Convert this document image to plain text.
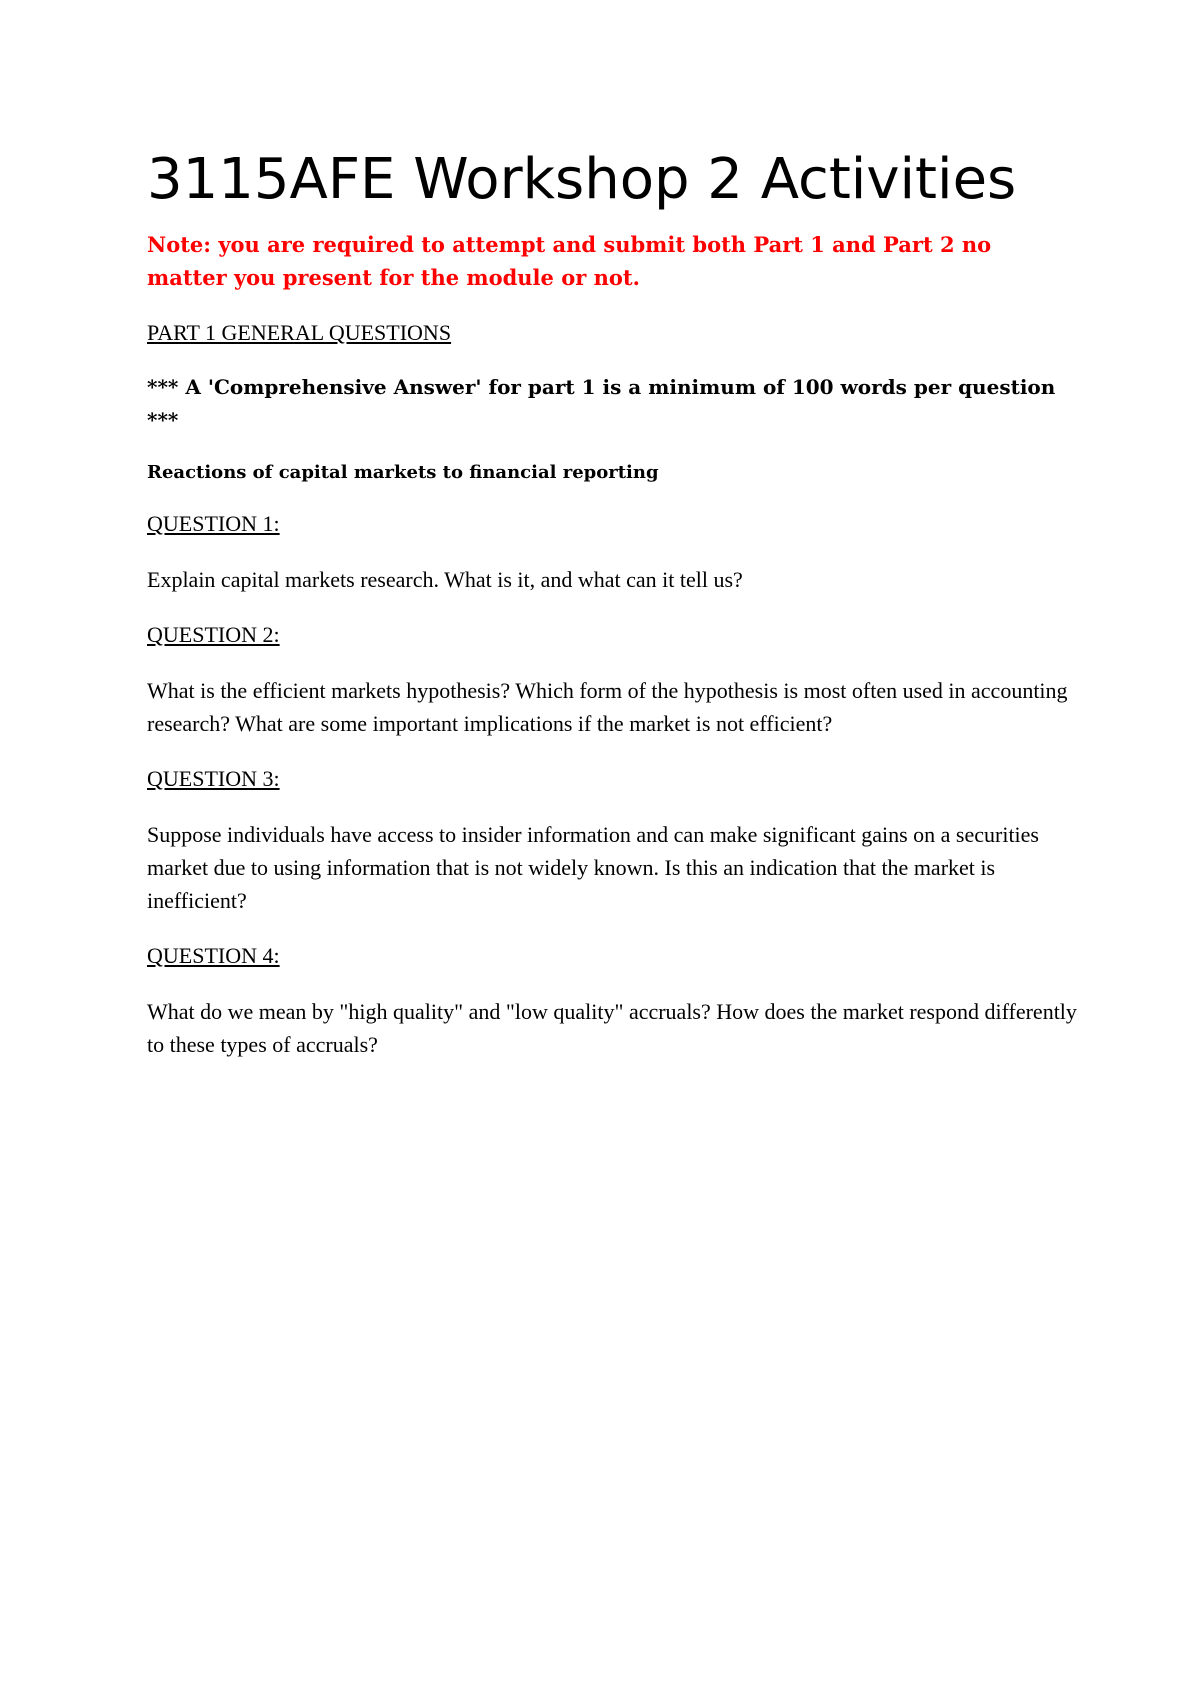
3115AFE Workshop 2 Activities

Note: you are required to attempt and submit both Part 1 and Part 2 no matter you present for the module or not.

PART 1 GENERAL QUESTIONS

*** A 'Comprehensive Answer' for part 1 is a minimum of 100 words per question ***

Reactions of capital markets to financial reporting

QUESTION 1:

Explain capital markets research. What is it, and what can it tell us?

QUESTION 2:

What is the efficient markets hypothesis? Which form of the hypothesis is most often used in accounting research? What are some important implications if the market is not efficient?

QUESTION 3:

Suppose individuals have access to insider information and can make significant gains on a securities market due to using information that is not widely known. Is this an indication that the market is inefficient?

QUESTION 4:

What do we mean by "high quality" and "low quality" accruals? How does the market respond differently to these types of accruals?
